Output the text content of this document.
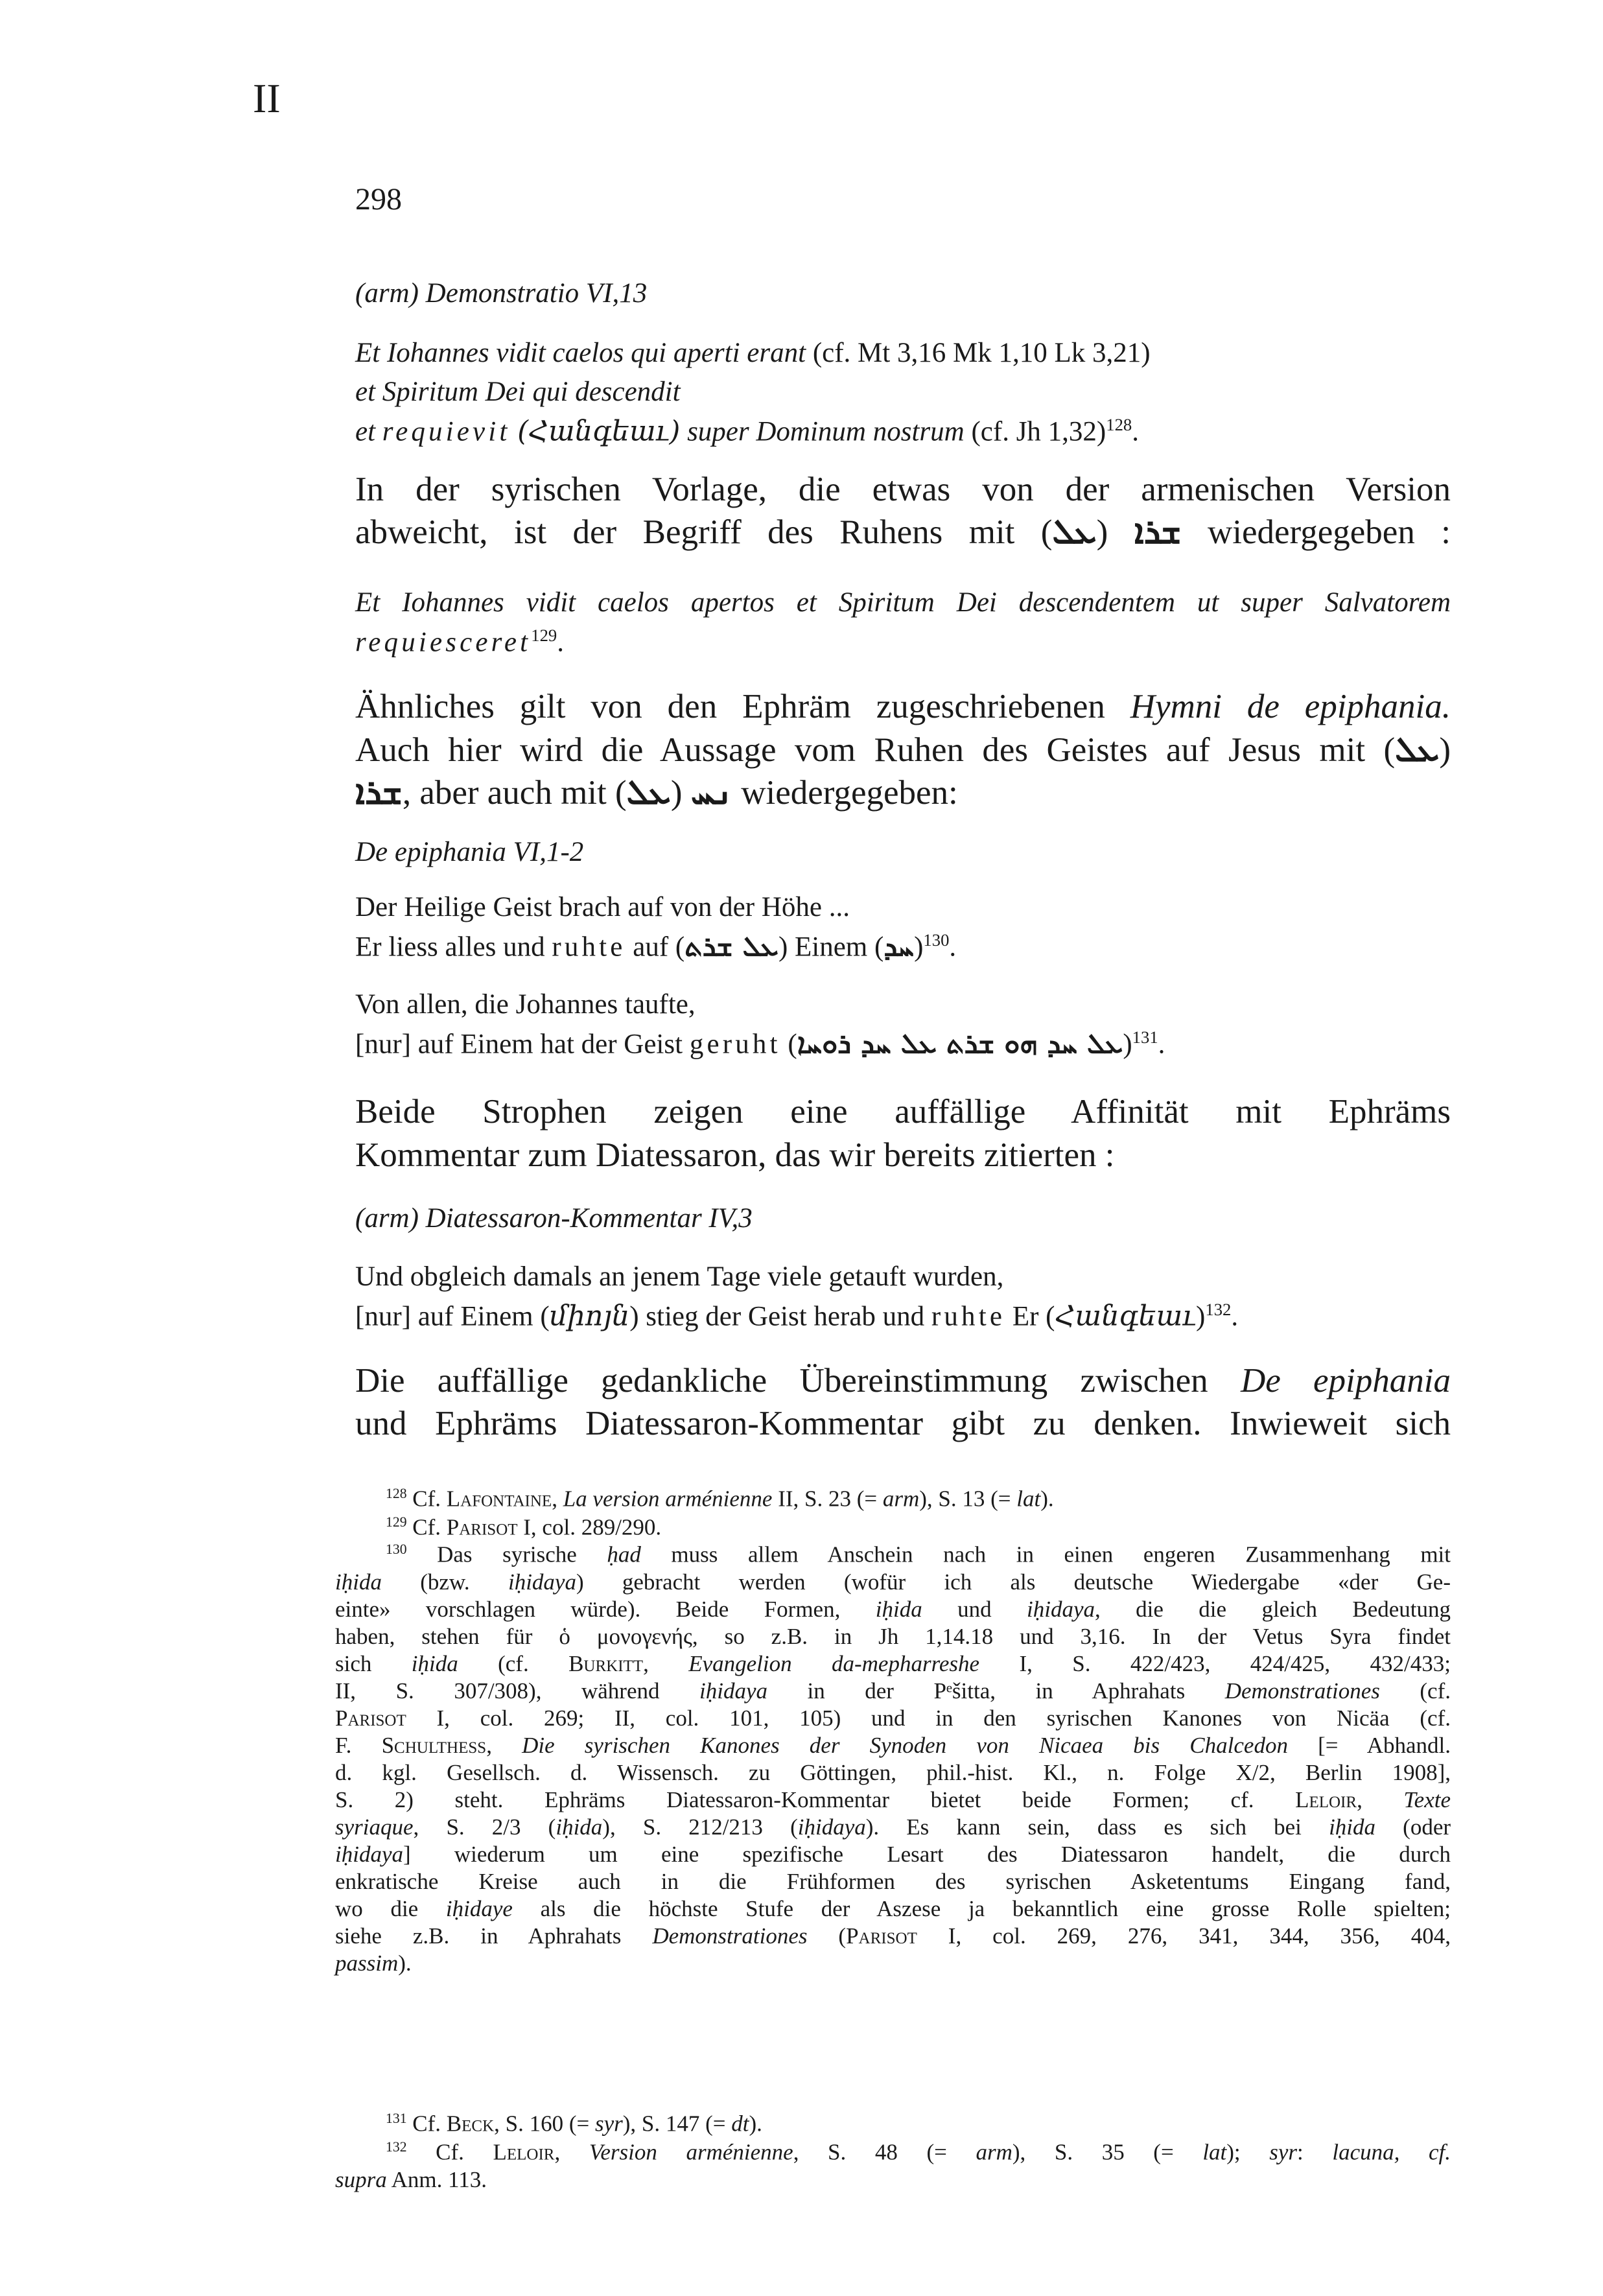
II
298
(arm) Demonstratio VI,13
Et Iohannes vidit caelos qui aperti erant (cf. Mt 3,16 Mk 1,10 Lk 3,21)
et Spiritum Dei qui descendit
et requievit (Հանգեաւ) super Dominum nostrum (cf. Jh 1,32)$^{128}$.
In der syrischen Vorlage, die etwas von der armenischen Version
abweicht, ist der Begriff des Ruhens mit (ܥܠ) ܫܪܐ wiedergegeben :
Et Iohannes vidit caelos apertos et Spiritum Dei descendentem ut super Salvatorem
requiesceret$^{129}$.
Ähnliches gilt von den Ephräm zugeschriebenen Hymni de epiphania.
Auch hier wird die Aussage vom Ruhen des Geistes auf Jesus mit (ܥܠ)
ܫܪܐ, aber auch mit (ܥܠ) ܢܚ wiedergegeben:
De epiphania VI,1-2
Der Heilige Geist brach auf von der Höhe ...
Er liess alles und ruhte auf (ܥܠ ܫܪܬ) Einem (ܚܕ)$^{130}$.
Von allen, die Johannes taufte,
[nur] auf Einem hat der Geist geruht (ܥܠ ܚܕ ܗܘ ܫܪܬ ܥܠ ܚܕ ܪܘܚܐ)$^{131}$.
Beide Strophen zeigen eine auffällige Affinität mit Ephräms
Kommentar zum Diatessaron, das wir bereits zitierten :
(arm) Diatessaron-Kommentar IV,3
Und obgleich damals an jenem Tage viele getauft wurden,
[nur] auf Einem (միոյն) stieg der Geist herab und ruhte Er (Հանգեաւ)$^{132}$.
Die auffällige gedankliche Übereinstimmung zwischen De epiphania
und Ephräms Diatessaron-Kommentar gibt zu denken. Inwieweit sich
$^{128}$ Cf. Lafontaine, La version arménienne II, S. 23 (= arm), S. 13 (= lat).
$^{129}$ Cf. Parisot I, col. 289/290.
$^{130}$ Das syrische ḥad muss allem Anschein nach in einen engeren Zusammenhang mit
iḥida (bzw. iḥidaya) gebracht werden (wofür ich als deutsche Wiedergabe «der Ge-
einte» vorschlagen würde). Beide Formen, iḥida und iḥidaya, die die gleich Bedeutung
haben, stehen für ὁ μονογενής, so z.B. in Jh 1,14.18 und 3,16. In der Vetus Syra findet
sich iḥida (cf. Burkitt, Evangelion da-mepharreshe I, S. 422/423, 424/425, 432/433;
II, S. 307/308), während iḥidaya in der Pᵉšitta, in Aphrahats Demonstrationes (cf.
Parisot I, col. 269; II, col. 101, 105) und in den syrischen Kanones von Nicäa (cf.
F. Schulthess, Die syrischen Kanones der Synoden von Nicaea bis Chalcedon [= Abhandl.
d. kgl. Gesellsch. d. Wissensch. zu Göttingen, phil.-hist. Kl., n. Folge X/2, Berlin 1908],
S. 2) steht. Ephräms Diatessaron-Kommentar bietet beide Formen; cf. Leloir, Texte
syriaque, S. 2/3 (iḥida), S. 212/213 (iḥidaya). Es kann sein, dass es sich bei iḥida (oder
iḥidaya] wiederum um eine spezifische Lesart des Diatessaron handelt, die durch
enkratische Kreise auch in die Frühformen des syrischen Asketentums Eingang fand,
wo die iḥidaye als die höchste Stufe der Aszese ja bekanntlich eine grosse Rolle spielten;
siehe z.B. in Aphrahats Demonstrationes (Parisot I, col. 269, 276, 341, 344, 356, 404,
passim).
$^{131}$ Cf. Beck, S. 160 (= syr), S. 147 (= dt).
$^{132}$ Cf. Leloir, Version arménienne, S. 48 (= arm), S. 35 (= lat); syr: lacuna, cf.
supra Anm. 113.
